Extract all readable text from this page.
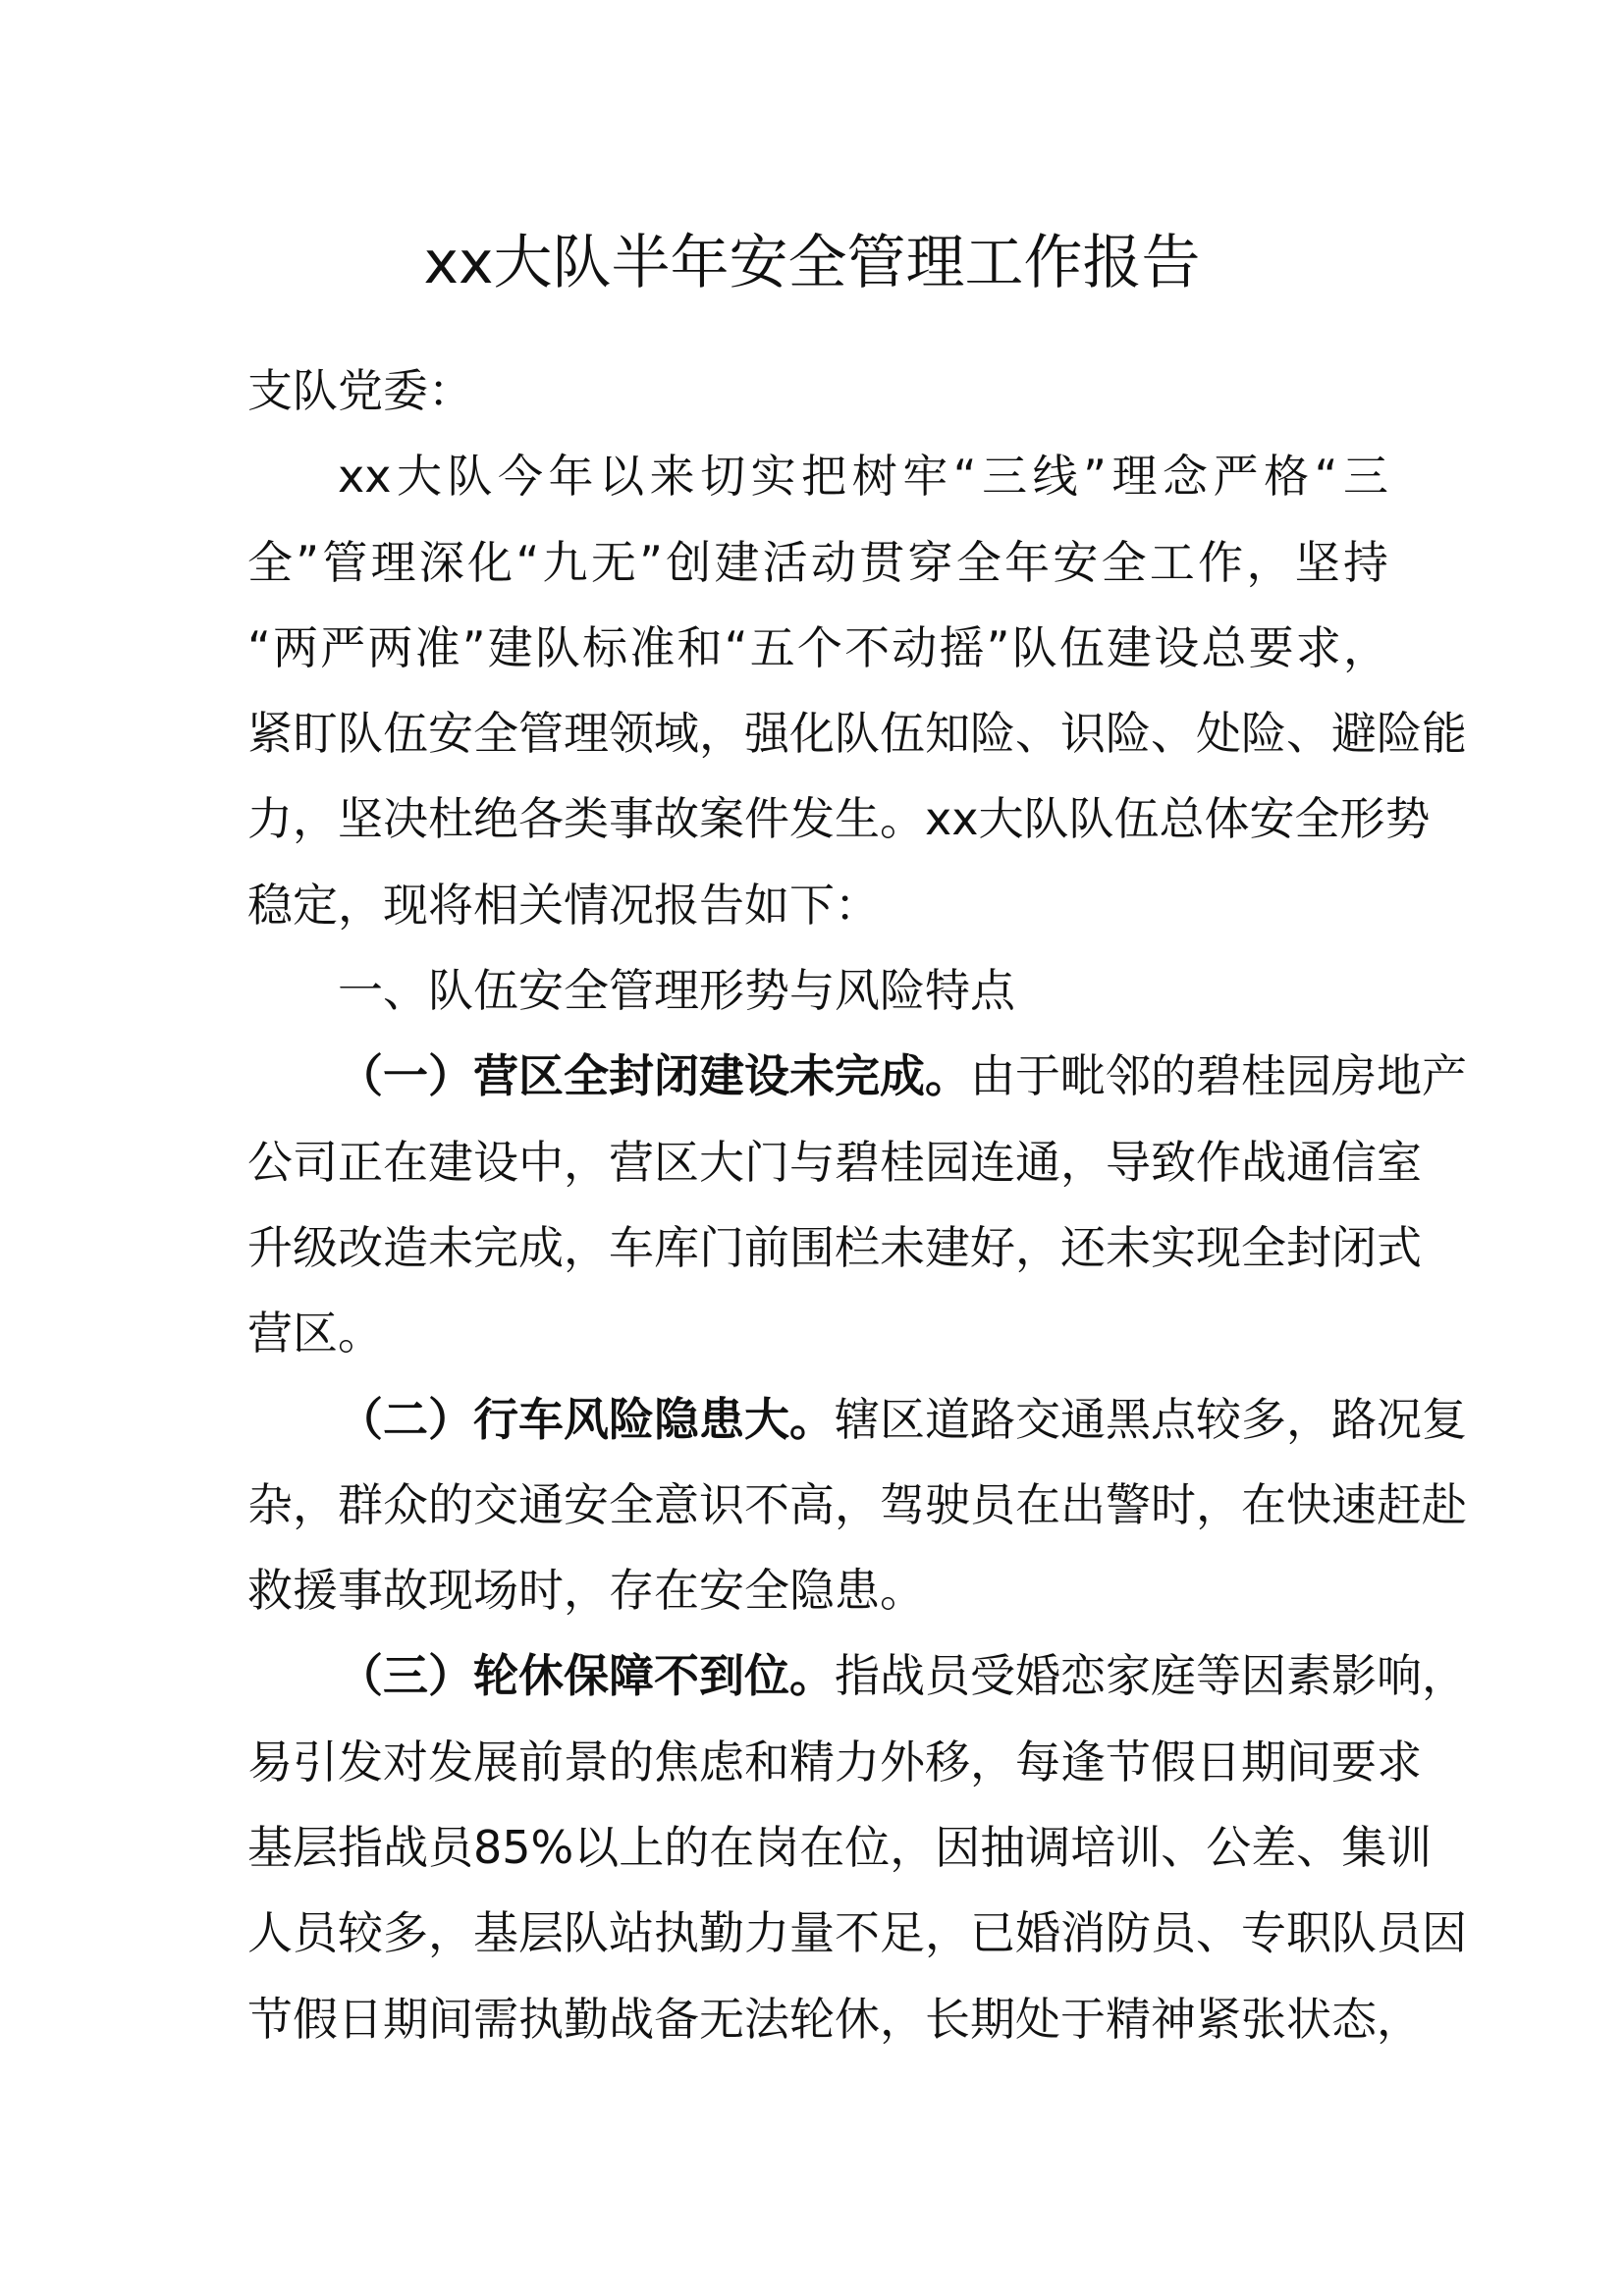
xx大队半年安全管理工作报告
支队党委：
xx大队今年以来切实把树牢“三线”理念严格“三
全”管理深化“九无”创建活动贯穿全年安全工作，坚持
“两严两准”建队标准和“五个不动摇”队伍建设总要求，
紧盯队伍安全管理领域，强化队伍知险、识险、处险、避险能
力，坚决杜绝各类事故案件发生。xx大队队伍总体安全形势
稳定，现将相关情况报告如下：
一、队伍安全管理形势与风险特点
（一）营区全封闭建设未完成。由于毗邻的碧桂园房地产
公司正在建设中，营区大门与碧桂园连通，导致作战通信室
升级改造未完成，车库门前围栏未建好，还未实现全封闭式
营区。
（二）行车风险隐患大。辖区道路交通黑点较多，路况复
杂，群众的交通安全意识不高，驾驶员在出警时，在快速赶赴
救援事故现场时，存在安全隐患。
（三）轮休保障不到位。指战员受婚恋家庭等因素影响，
易引发对发展前景的焦虑和精力外移，每逢节假日期间要求
基层指战员85%以上的在岗在位，因抽调培训、公差、集训
人员较多，基层队站执勤力量不足，已婚消防员、专职队员因
节假日期间需执勤战备无法轮休，长期处于精神紧张状态，
